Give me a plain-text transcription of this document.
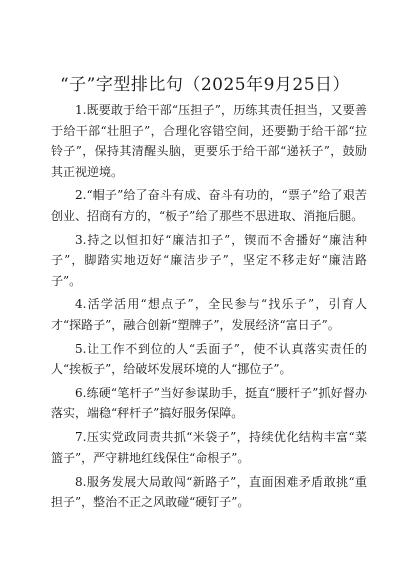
“子”字型排比句（2025年9月25日）

1.既要敢于给干部“压担子”，历练其责任担当，又要善于给干部“壮胆子”，合理化容错空间，还要勤于给干部“拉铃子”，保持其清醒头脑，更要乐于给干部“递袄子”，鼓励其正视逆境。

2.“帽子”给了奋斗有成、奋斗有功的，“票子”给了艰苦创业、招商有方的，“板子”给了那些不思进取、消拖后腿。

3.持之以恒扣好“廉洁扣子”，锲而不舍播好“廉洁种子”，脚踏实地迈好“廉洁步子”，坚定不移走好“廉洁路子”。

4.活学活用“想点子”，全民参与“找乐子”，引育人才“探路子”，融合创新“塑牌子”，发展经济“富日子”。

5.让工作不到位的人“丢面子”，使不认真落实责任的人“挨板子”，给破坏发展环境的人“挪位子”。

6.练硬“笔杆子”当好参谋助手，挺直“腰杆子”抓好督办落实，端稳“秤杆子”搞好服务保障。

7.压实党政同责共抓“米袋子”，持续优化结构丰富“菜篮子”，严守耕地红线保住“命根子”。

8.服务发展大局敢闯“新路子”，直面困难矛盾敢挑“重担子”，整治不正之风敢碰“硬钉子”。
